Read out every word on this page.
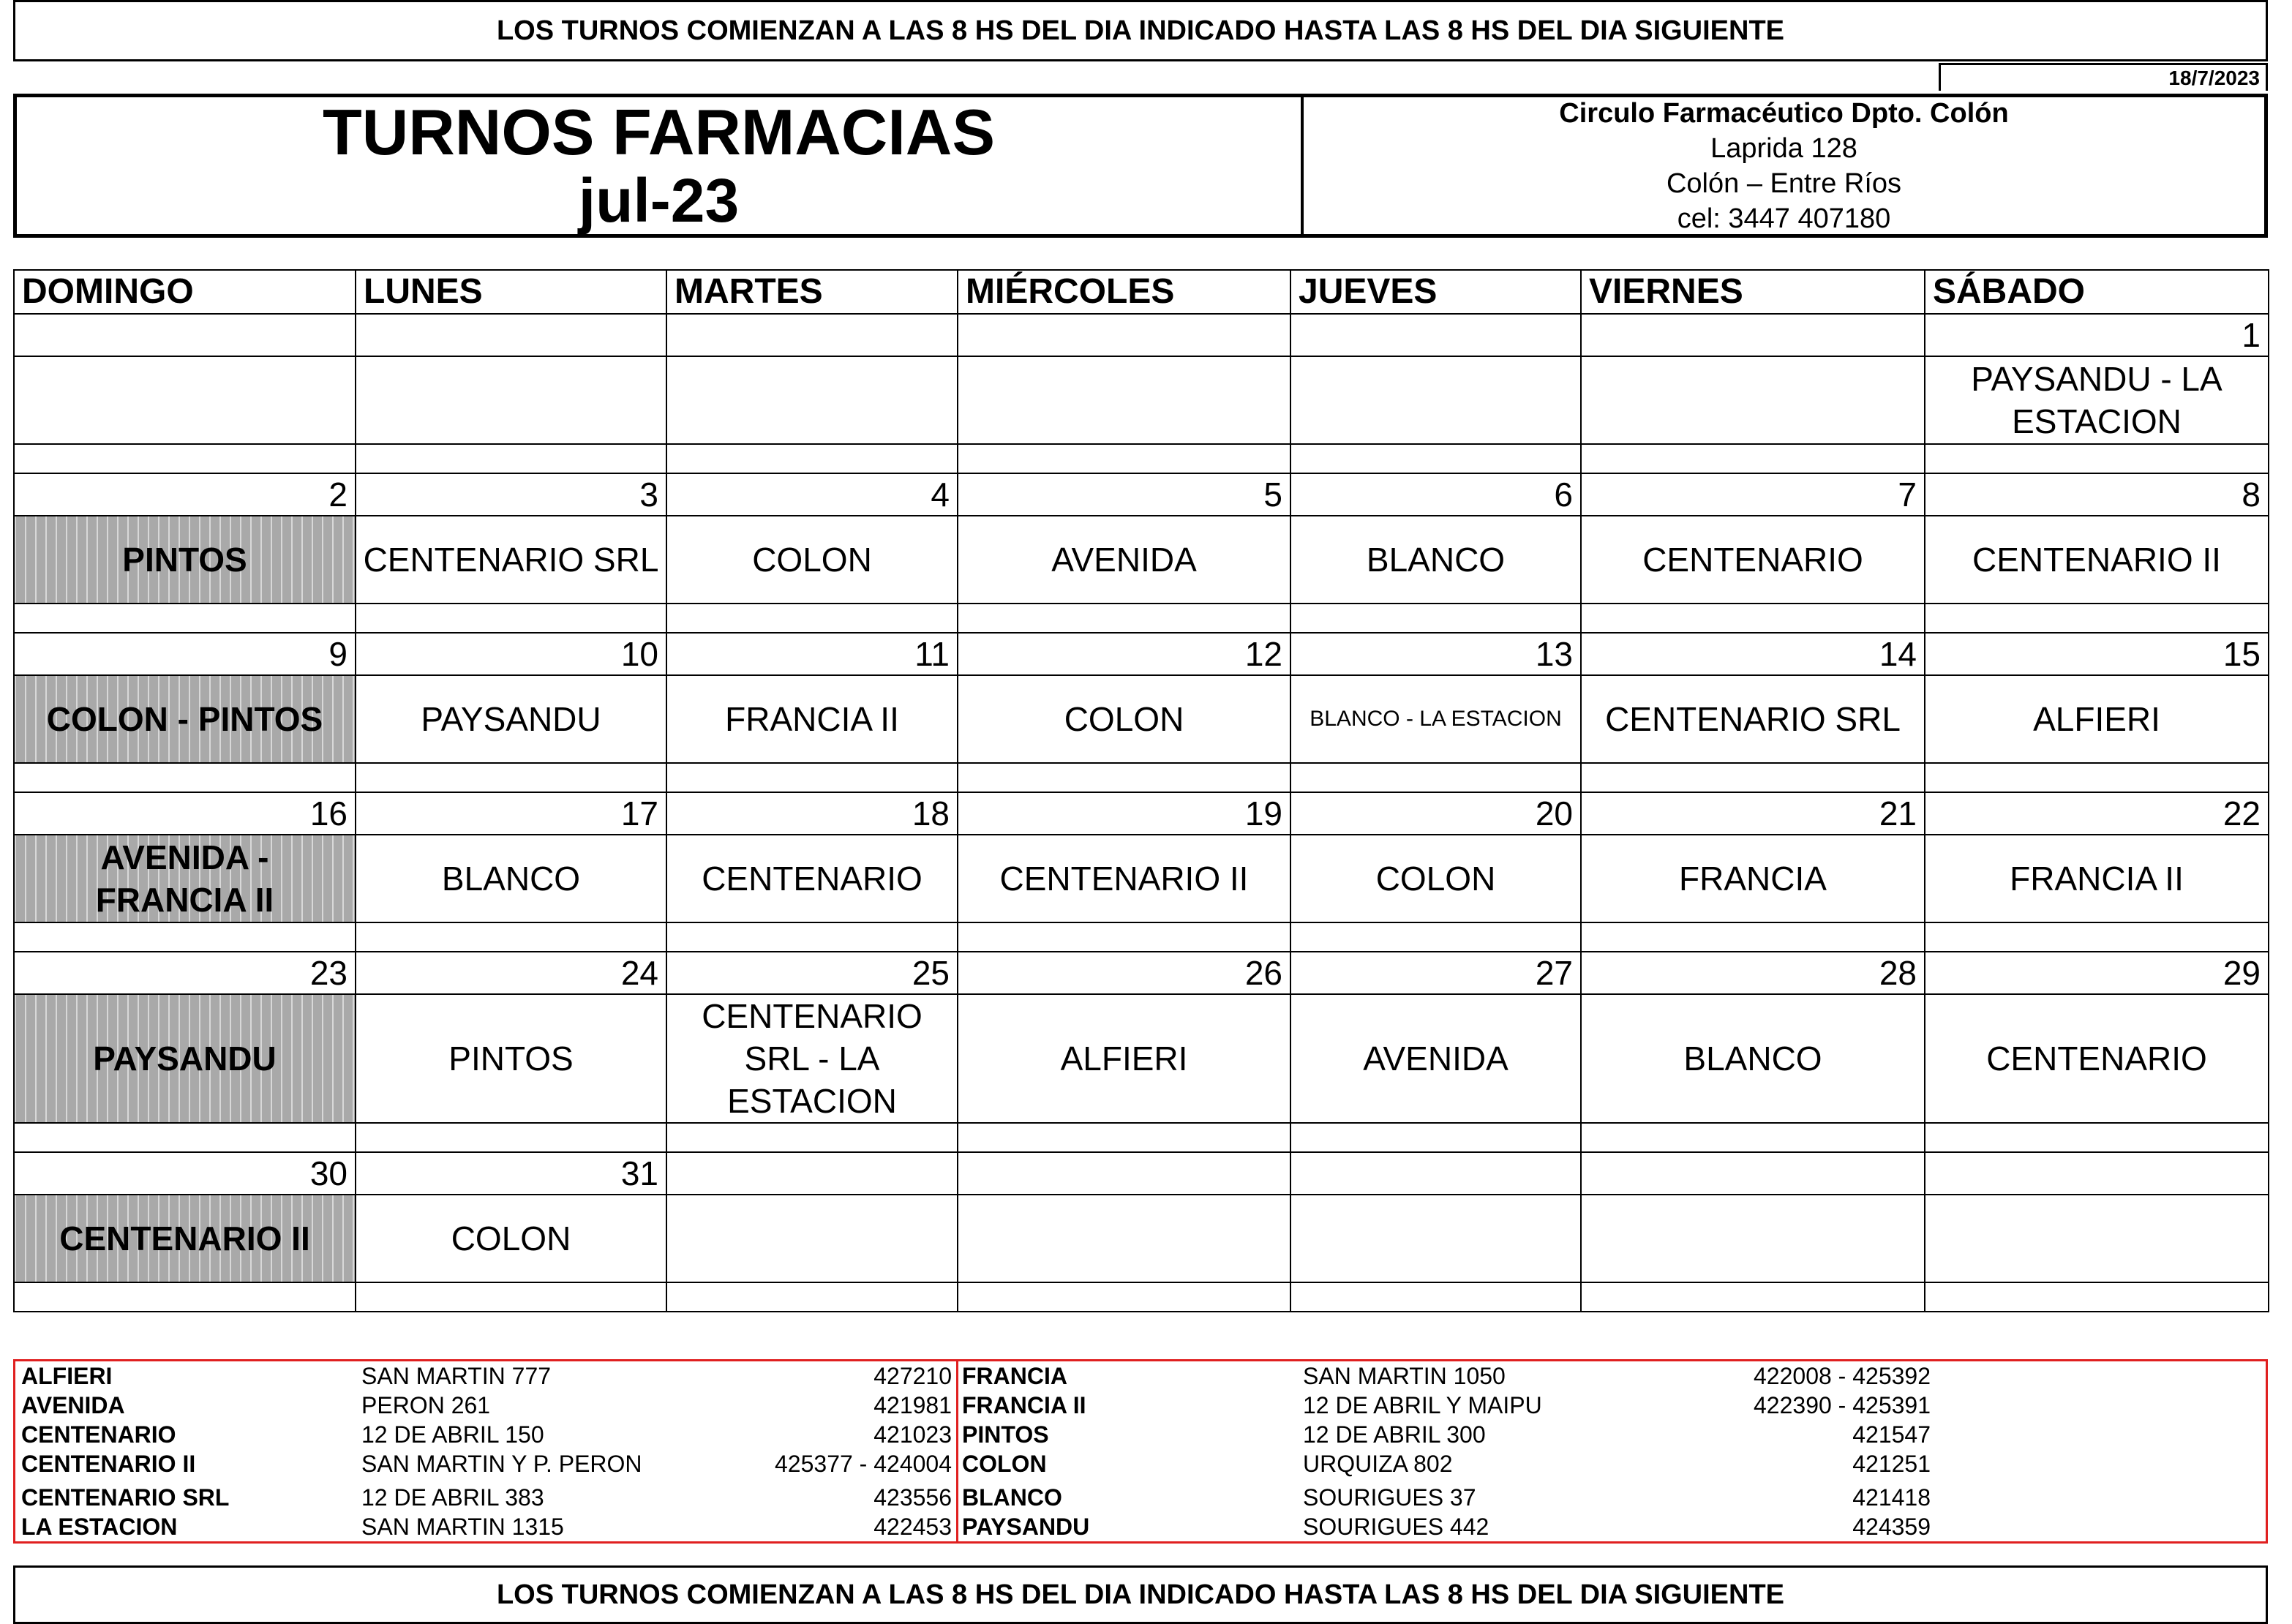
LOS TURNOS COMIENZAN A LAS 8 HS DEL DIA INDICADO HASTA LAS 8 HS DEL DIA SIGUIENTE
18/7/2023
TURNOS FARMACIAS
jul-23
Circulo Farmacéutico Dpto. Colón
Laprida 128
Colón – Entre Ríos
cel: 3447 407180
DOMINGO	LUNES	MARTES	MIÉRCOLES	JUEVES	VIERNES	SÁBADO
						1
						PAYSANDU - LA ESTACION

2	3	4	5	6	7	8
PINTOS	CENTENARIO SRL	COLON	AVENIDA	BLANCO	CENTENARIO	CENTENARIO II

9	10	11	12	13	14	15
COLON - PINTOS	PAYSANDU	FRANCIA II	COLON	BLANCO - LA ESTACION	CENTENARIO SRL	ALFIERI

16	17	18	19	20	21	22
AVENIDA - FRANCIA II	BLANCO	CENTENARIO	CENTENARIO II	COLON	FRANCIA	FRANCIA II

23	24	25	26	27	28	29
PAYSANDU	PINTOS	CENTENARIO SRL - LA ESTACION	ALFIERI	AVENIDA	BLANCO	CENTENARIO

30	31					
CENTENARIO II	COLON					

ALFIERI	SAN MARTIN 777	427210
AVENIDA	PERON 261	421981
CENTENARIO	12 DE ABRIL 150	421023
CENTENARIO II	SAN MARTIN Y P. PERON	425377 - 424004
CENTENARIO SRL	12 DE ABRIL 383	423556
LA ESTACION	SAN MARTIN 1315	422453
FRANCIA	SAN MARTIN 1050	422008 - 425392
FRANCIA II	12 DE ABRIL Y MAIPU	422390 - 425391
PINTOS	12 DE ABRIL 300	421547
COLON	URQUIZA 802	421251
BLANCO	SOURIGUES 37	421418
PAYSANDU	SOURIGUES 442	424359
LOS TURNOS COMIENZAN A LAS 8 HS DEL DIA INDICADO HASTA LAS 8 HS DEL DIA SIGUIENTE
